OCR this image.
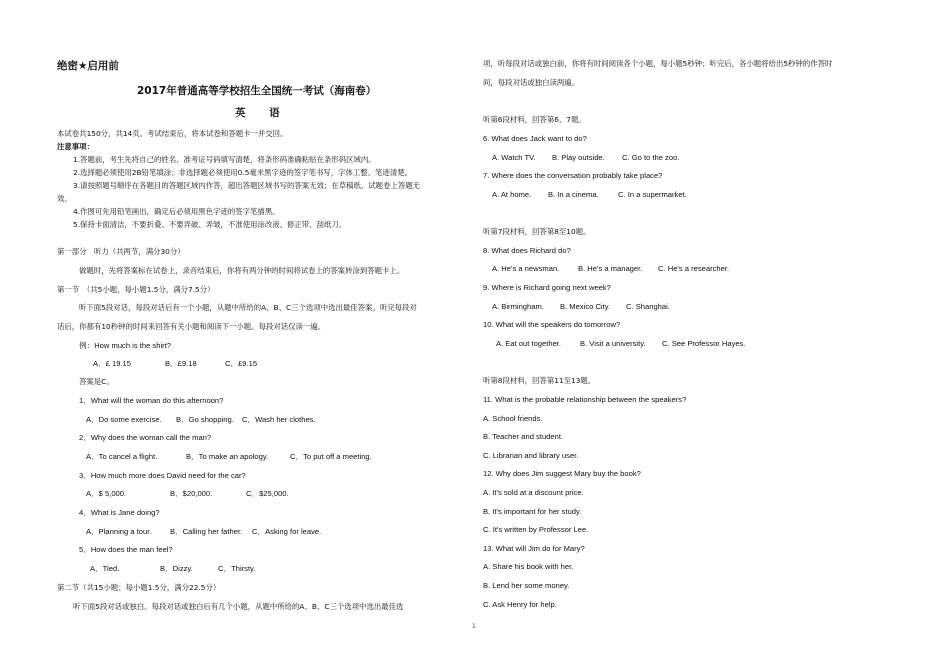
绝密★启用前
2017年普通高等学校招生全国统一考试（海南卷）
英 语
本试卷共150分，共14页。考试结束后，将本试卷和答题卡一并交回。
注意事项：
1.答题前，考生先将自己的姓名、准考证号码填写清楚，将条形码准确粘贴在条形码区域内。
2.选择题必须使用2B铅笔填涂；非选择题必须使用0.5毫米黑字迹的签字笔书写，字体工整、笔迹清楚。
3.请按照题号顺序在各题目的答题区域内作答，超出答题区域书写的答案无效；在草稿纸、试题卷上答题无
效。
4.作图可先用铅笔画出，确定后必须用黑色字迹的签字笔描黑。
5.保持卡面清洁，不要折叠、不要弄破、弄皱，不准使用涂改液、修正带、刮纸刀。
第一部分　听力（共两节，满分30分）
做题时，先将答案标在试卷上，录音结束后，你将有两分钟的时间将试卷上的答案转涂到答题卡上。
第一节　（共5小题，每小题1.5分，满分7.5分）
听下面5段对话，每段对话后有一个小题，从题中所给的A、B、C三个选项中选出最佳答案。听完每段对
话后，你都有10秒钟的时间来回答有关小题和阅读下一小题。每段对话仅读一遍。
例：How much is the shirt?
A．£ 19.15	B．£9.18	C．£9.15
答案是C。
1．What will the woman do this afternoon?
A．Do some exercise. B．Go shopping. C．Wash her clothes.
2．Why does the woman call the man?
A．To cancel a flight.	B．To make an apology.	C．To put off a meeting.
3．How much more does David need for the car?
A．$ 5,000.	B．$20,000.	C．$25,000.
4．What is Jane doing?
A．Planning a tour. B．Calling her father. C．Asking for leave.
5．How does the man feel?
A．Tied.	B．Dizzy.	C．Thirsty.
第二节（共15小题；每小题1.5分，满分22.5分）
听下面5段对话或独白。每段对话或独白后有几个小题，从题中所给的A、B、C三个选项中选出最佳选
项，听每段对话或独白前，你将有时间阅读各个小题，每小题5秒钟；听完后，各小题将给出5秒钟的作答时
间，每段对话或独白读两遍。
听第6段材料，回答第6、7题。
6. What does Jack want to do?
A. Watch TV. B. Play outside. C. Go to the zoo.
7. Where does the conversation probably take place?
A. At home. B. In a cinema.	C. In a supermarket.
听第7段材料，回答第8至10题。
8. What does Richard do?
A. He's a newsman. B. He's a manager. C. He's a researcher.
9. Where is Richard going next week?
A. Birmingham. B. Mexico City. C. Shanghai.
10. What will the speakers do tomorrow?
A. Eat out together. B. Visit a university. C. See Professor Hayes.
听第8段材料，回答第11至13题。
11. What is the probable relationship between the speakers?
A. School friends.
B. Teacher and student.
C. Librarian and library user.
12. Why does Jim suggest Mary buy the book?
A. It's sold at a discount price.
B. It's important for her study.
C. It's written by Professor Lee.
13. What will Jim do for Mary?
A. Share his book with her.
B. Lend her some money.
C. Ask Henry for help.
1
